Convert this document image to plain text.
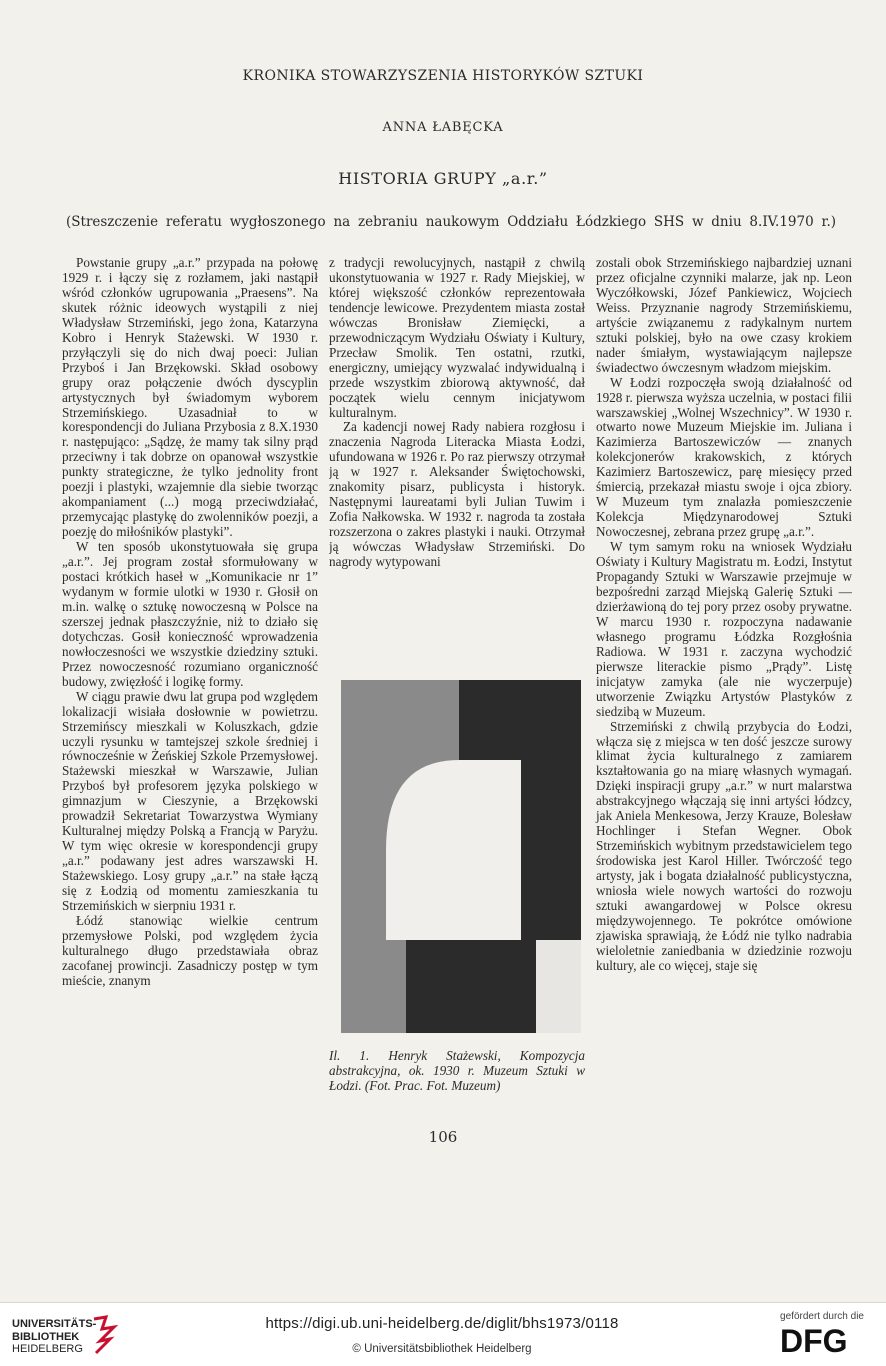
KRONIKA STOWARZYSZENIA HISTORYKÓW SZTUKI
ANNA ŁABĘCKA
HISTORIA GRUPY „a.r.”
(Streszczenie referatu wygłoszonego na zebraniu naukowym Oddziału Łódzkiego SHS w dniu 8.IV.1970 r.)

Powstanie grupy „a.r.” przypada na połowę 1929 r. i łączy się z rozłamem, jaki nastąpił wśród członków ugrupowania „Praesens”. Na skutek różnic ideowych wystąpili z niej Władysław Strzemiński, jego żona, Katarzyna Kobro i Henryk Stażewski. W 1930 r. przyłączyli się do nich dwaj poeci: Julian Przyboś i Jan Brzękowski. Skład osobowy grupy oraz połączenie dwóch dyscyplin artystycznych był świadomym wyborem Strzemińskiego. Uzasadniał to w korespondencji do Juliana Przybosia z 8.X.1930 r. następująco: „Sądzę, że mamy tak silny prąd przeciwny i tak dobrze on opanował wszystkie punkty strategiczne, że tylko jednolity front poezji i plastyki, wzajemnie dla siebie tworząc akompaniament (...) mogą przeciwdziałać, przemycając plastykę do zwolenników poezji, a poezję do miłośników plastyki”.

W ten sposób ukonstytuowała się grupa „a.r.”. Jej program został sformułowany w postaci krótkich haseł w „Komunikacie nr 1” wydanym w formie ulotki w 1930 r. Głosił on m.in. walkę o sztukę nowoczesną w Polsce na szerszej jednak płaszczyźnie, niż to działo się dotychczas. Gosił konieczność wprowadzenia nowłoczesności we wszystkie dziedziny sztuki. Przez nowoczesność rozumiano organiczność budowy, zwięzłość i logikę formy.

W ciągu prawie dwu lat grupa pod względem lokalizacji wisiała dosłownie w powietrzu. Strzemińscy mieszkali w Koluszkach, gdzie uczyli rysunku w tamtejszej szkole średniej i równocześnie w Żeńskiej Szkole Przemysłowej. Stażewski mieszkał w Warszawie, Julian Przyboś był profesorem języka polskiego w gimnazjum w Cieszynie, a Brzękowski prowadził Sekretariat Towarzystwa Wymiany Kulturalnej między Polską a Francją w Paryżu. W tym więc okresie w korespondencji grupy „a.r.” podawany jest adres warszawski H. Stażewskiego. Losy grupy „a.r.” na stałe łączą się z Łodzią od momentu zamieszkania tu Strzemińskich w sierpniu 1931 r.

Łódź stanowiąc wielkie centrum przemysłowe Polski, pod względem życia kulturalnego długo przedstawiała obraz zacofanej prowincji. Zasadniczy postęp w tym mieście, znanym

z tradycji rewolucyjnych, nastąpił z chwilą ukonstytuowania w 1927 r. Rady Miejskiej, w której większość członków reprezentowała tendencje lewicowe. Prezydentem miasta został wówczas Bronisław Ziemięcki, a przewodniczącym Wydziału Oświaty i Kultury, Przecław Smolik. Ten ostatni, rzutki, energiczny, umiejący wyzwalać indywidualną i przede wszystkim zbiorową aktywność, dał początek wielu cennym inicjatywom kulturalnym.

Za kadencji nowej Rady nabiera rozgłosu i znaczenia Nagroda Literacka Miasta Łodzi, ufundowana w 1926 r. Po raz pierwszy otrzymał ją w 1927 r. Aleksander Świętochowski, znakomity pisarz, publicysta i historyk. Następnymi laureatami byli Julian Tuwim i Zofia Nałkowska. W 1932 r. nagroda ta została rozszerzona o zakres plastyki i nauki. Otrzymał ją wówczas Władysław Strzemiński. Do nagrody wytypowani

Il. 1. Henryk Stażewski, Kompozycja abstrakcyjna, ok. 1930 r. Muzeum Sztuki w Łodzi. (Fot. Prac. Fot. Muzeum)

zostali obok Strzemińskiego najbardziej uznani przez oficjalne czynniki malarze, jak np. Leon Wyczółkowski, Józef Pankiewicz, Wojciech Weiss. Przyznanie nagrody Strzemińskiemu, artyście związanemu z radykalnym nurtem sztuki polskiej, było na owe czasy krokiem nader śmiałym, wystawiającym najlepsze świadectwo ówczesnym władzom miejskim.

W Łodzi rozpoczęła swoją działalność od 1928 r. pierwsza wyższa uczelnia, w postaci filii warszawskiej „Wolnej Wszechnicy”. W 1930 r. otwarto nowe Muzeum Miejskie im. Juliana i Kazimierza Bartoszewiczów — znanych kolekcjonerów krakowskich, z których Kazimierz Bartoszewicz, parę miesięcy przed śmiercią, przekazał miastu swoje i ojca zbiory. W Muzeum tym znalazła pomieszczenie Kolekcja Międzynarodowej Sztuki Nowoczesnej, zebrana przez grupę „a.r.”.

W tym samym roku na wniosek Wydziału Oświaty i Kultury Magistratu m. Łodzi, Instytut Propagandy Sztuki w Warszawie przejmuje w bezpośredni zarząd Miejską Galerię Sztuki — dzierżawioną do tej pory przez osoby prywatne. W marcu 1930 r. rozpoczyna nadawanie własnego programu Łódzka Rozgłośnia Radiowa. W 1931 r. zaczyna wychodzić pierwsze literackie pismo „Prądy”. Listę inicjatyw zamyka (ale nie wyczerpuje) utworzenie Związku Artystów Plastyków z siedzibą w Muzeum.

Strzemiński z chwilą przybycia do Łodzi, włącza się z miejsca w ten dość jeszcze surowy klimat życia kulturalnego z zamiarem kształtowania go na miarę własnych wymagań. Dzięki inspiracji grupy „a.r.” w nurt malarstwa abstrakcyjnego włączają się inni artyści łódzcy, jak Aniela Menkesowa, Jerzy Krauze, Bolesław Hochlinger i Stefan Wegner. Obok Strzemińskich wybitnym przedstawicielem tego środowiska jest Karol Hiller. Twórczość tego artysty, jak i bogata działalność publicystyczna, wniosła wiele nowych wartości do rozwoju sztuki awangardowej w Polsce okresu międzywojennego. Te pokrótce omówione zjawiska sprawiają, że Łódź nie tylko nadrabia wieloletnie zaniedbania w dziedzinie rozwoju kultury, ale co więcej, staje się

106
UNIVERSITÄTS-
BIBLIOTHEK
HEIDELBERG
https://digi.ub.uni-heidelberg.de/diglit/bhs1973/0118
© Universitätsbibliothek Heidelberg
gefördert durch die
DFG
